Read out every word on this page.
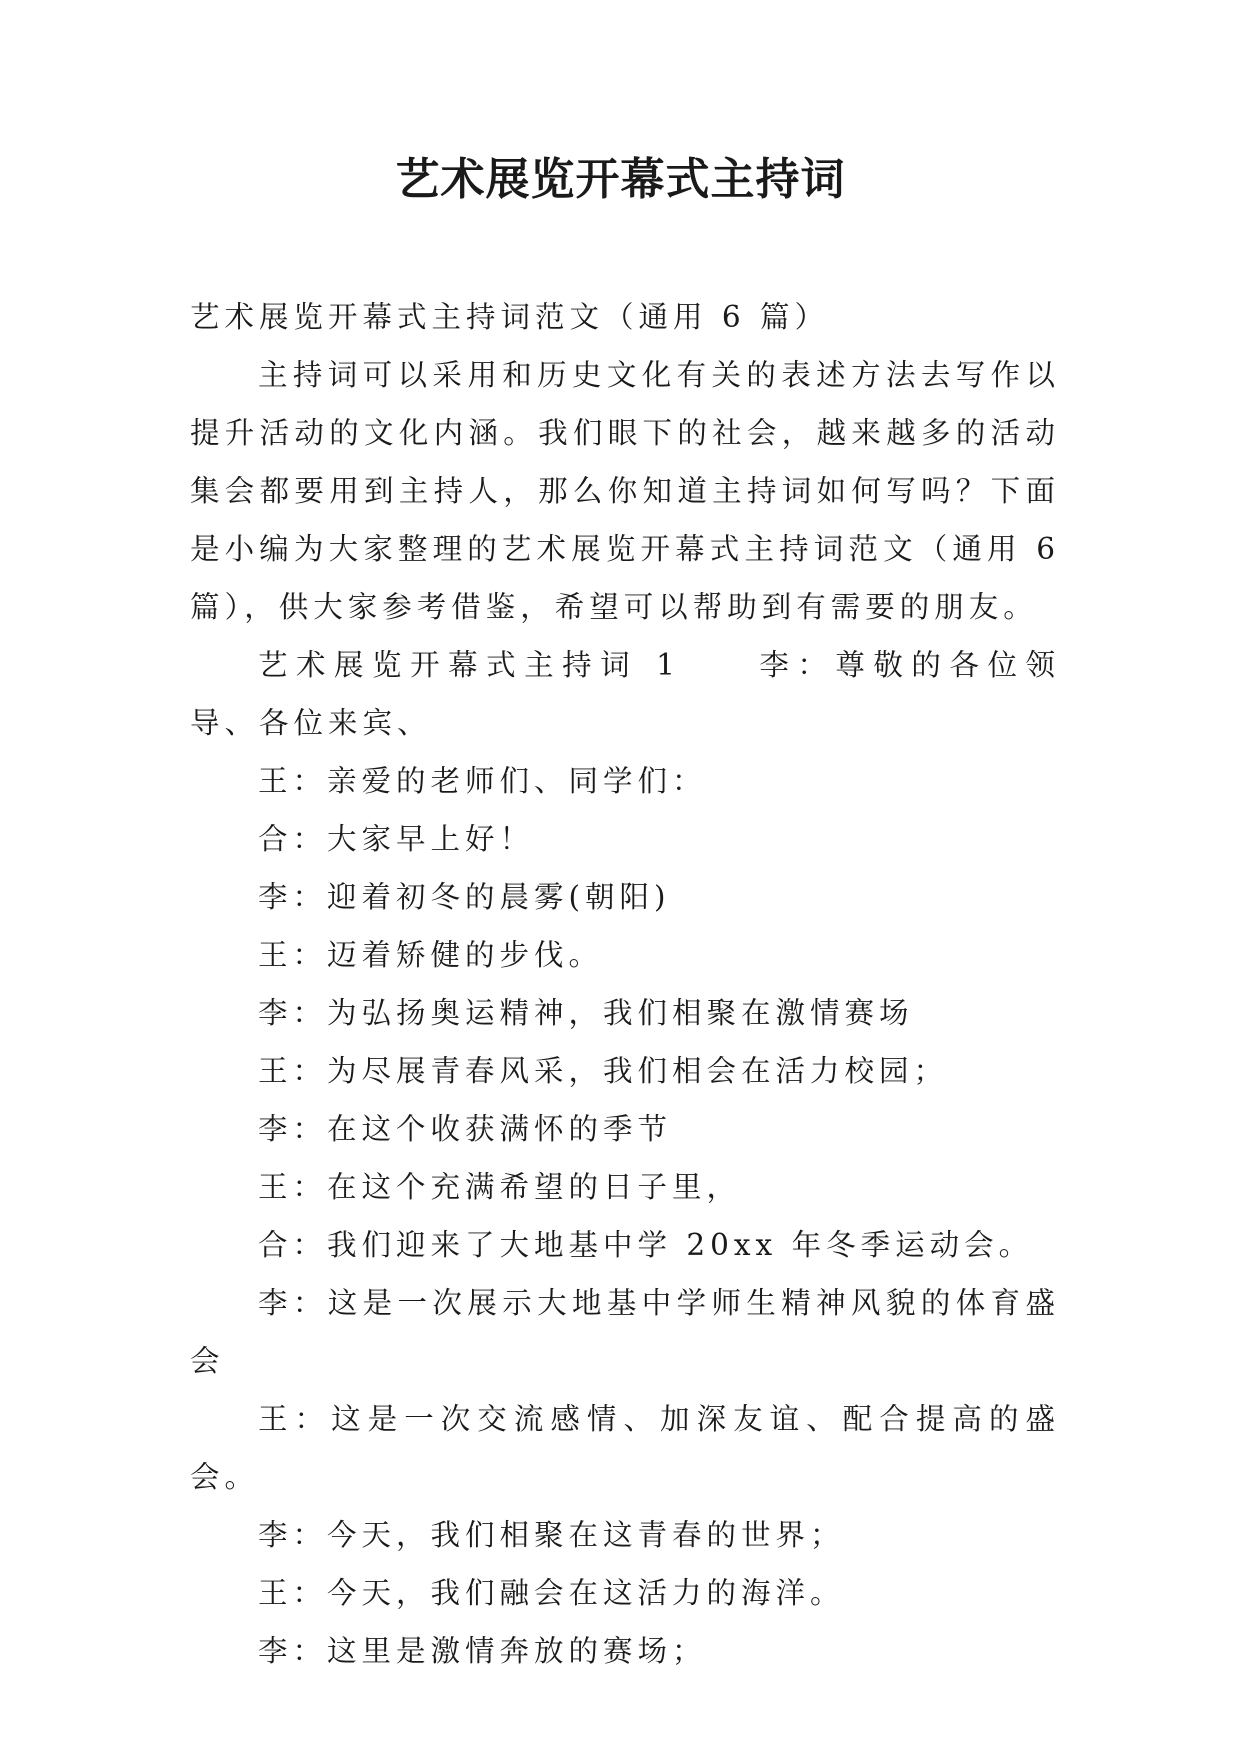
艺术展览开幕式主持词

艺术展览开幕式主持词范文（通用 6 篇）

主持词可以采用和历史文化有关的表述方法去写作以提升活动的文化内涵。我们眼下的社会，越来越多的活动集会都要用到主持人，那么你知道主持词如何写吗？下面是小编为大家整理的艺术展览开幕式主持词范文（通用 6 篇），供大家参考借鉴，希望可以帮助到有需要的朋友。

艺术展览开幕式主持词 1	李：尊敬的各位领导、各位来宾、

王：亲爱的老师们、同学们：

合：大家早上好！

李：迎着初冬的晨雾(朝阳)

王：迈着矫健的步伐。

李：为弘扬奥运精神，我们相聚在激情赛场

王：为尽展青春风采，我们相会在活力校园；

李：在这个收获满怀的季节

王：在这个充满希望的日子里，

合：我们迎来了大地基中学 20xx 年冬季运动会。

李：这是一次展示大地基中学师生精神风貌的体育盛会

王：这是一次交流感情、加深友谊、配合提高的盛会。

李：今天，我们相聚在这青春的世界；

王：今天，我们融会在这活力的海洋。

李：这里是激情奔放的赛场；
